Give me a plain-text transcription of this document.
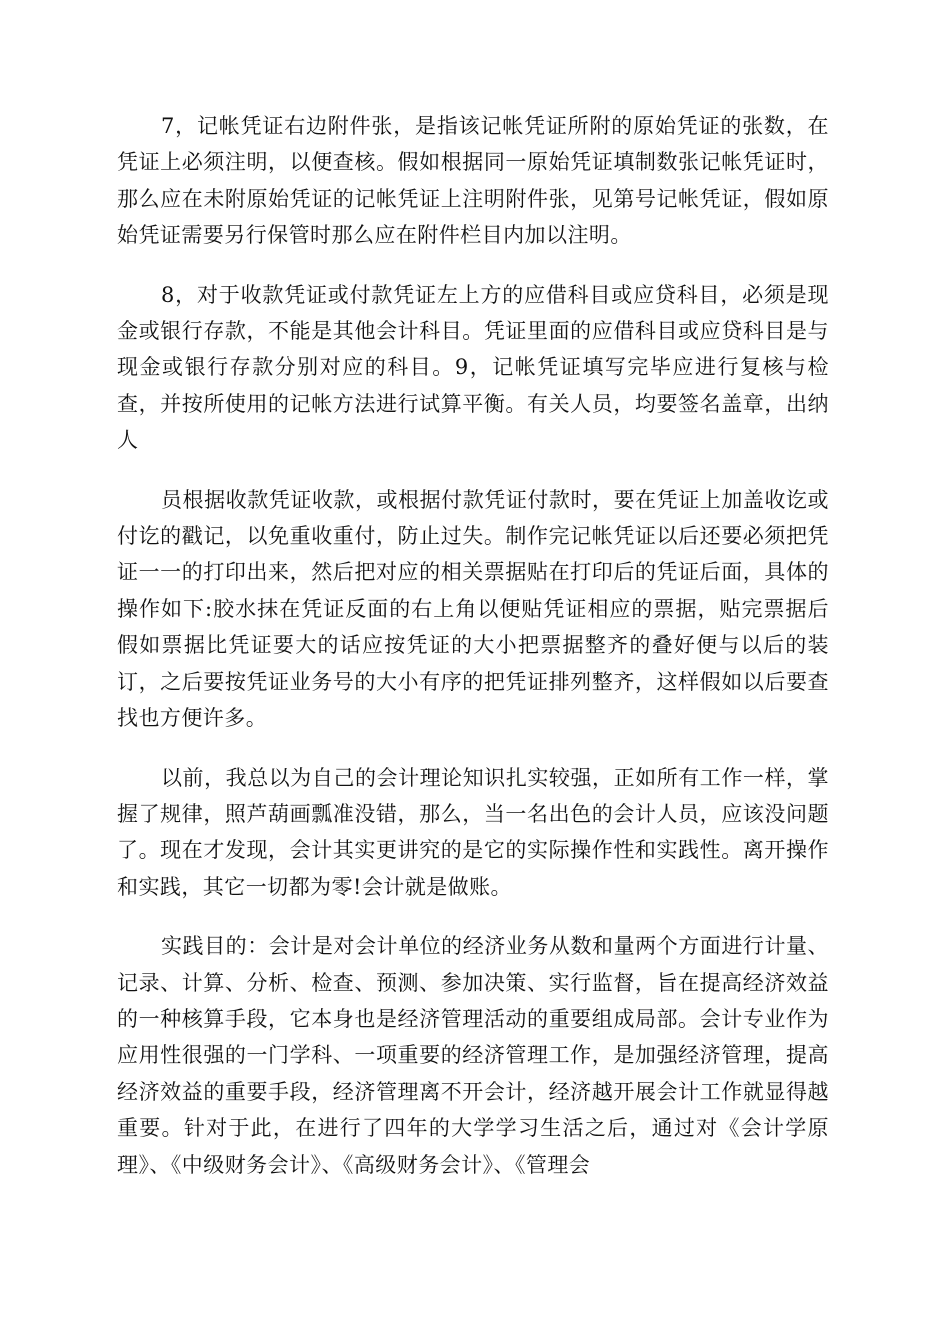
7，记帐凭证右边附件张，是指该记帐凭证所附的原始凭证的张数，在凭证上必须注明，以便查核。假如根据同一原始凭证填制数张记帐凭证时，那么应在未附原始凭证的记帐凭证上注明附件张，见第号记帐凭证，假如原始凭证需要另行保管时那么应在附件栏目内加以注明。

8，对于收款凭证或付款凭证左上方的应借科目或应贷科目，必须是现金或银行存款，不能是其他会计科目。凭证里面的应借科目或应贷科目是与现金或银行存款分别对应的科目。9，记帐凭证填写完毕应进行复核与检查，并按所使用的记帐方法进行试算平衡。有关人员，均要签名盖章，出纳人

员根据收款凭证收款，或根据付款凭证付款时，要在凭证上加盖收讫或付讫的戳记，以免重收重付，防止过失。制作完记帐凭证以后还要必须把凭证一一的打印出来，然后把对应的相关票据贴在打印后的凭证后面，具体的操作如下:胶水抹在凭证反面的右上角以便贴凭证相应的票据，贴完票据后假如票据比凭证要大的话应按凭证的大小把票据整齐的叠好便与以后的装订，之后要按凭证业务号的大小有序的把凭证排列整齐，这样假如以后要查找也方便许多。

以前，我总以为自己的会计理论知识扎实较强，正如所有工作一样，掌握了规律，照芦葫画瓢准没错，那么，当一名出色的会计人员，应该没问题了。现在才发现，会计其实更讲究的是它的实际操作性和实践性。离开操作和实践，其它一切都为零!会计就是做账。

实践目的：会计是对会计单位的经济业务从数和量两个方面进行计量、记录、计算、分析、检查、预测、参加决策、实行监督，旨在提高经济效益的一种核算手段，它本身也是经济管理活动的重要组成局部。会计专业作为应用性很强的一门学科、一项重要的经济管理工作，是加强经济管理，提高经济效益的重要手段，经济管理离不开会计，经济越开展会计工作就显得越重要。针对于此，在进行了四年的大学学习生活之后，通过对《会计学原理》、《中级财务会计》、《高级财务会计》、《管理会
